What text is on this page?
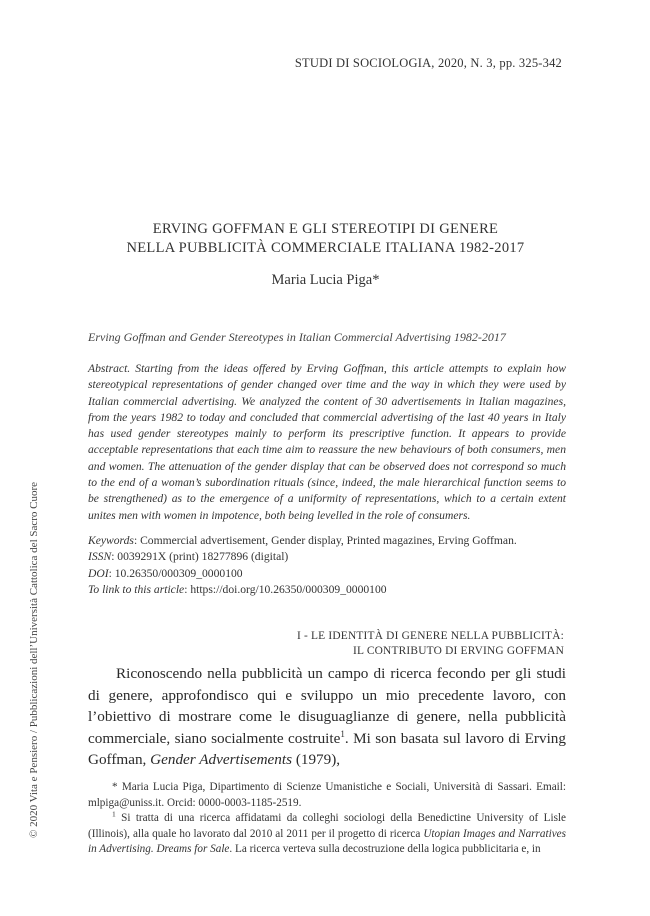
STUDI DI SOCIOLOGIA, 2020, N. 3, pp. 325-342
© 2020 Vita e Pensiero / Pubblicazioni dell’Università Cattolica del Sacro Cuore
ERVING GOFFMAN E GLI STEREOTIPI DI GENERE
NELLA PUBBLICITÀ COMMERCIALE ITALIANA 1982-2017
Maria Lucia Piga*
Erving Goffman and Gender Stereotypes in Italian Commercial Advertising 1982-2017
Abstract. Starting from the ideas offered by Erving Goffman, this article attempts to explain how stereotypical representations of gender changed over time and the way in which they were used by Italian commercial advertising. We analyzed the content of 30 advertisements in Italian magazines, from the years 1982 to today and concluded that commercial advertising of the last 40 years in Italy has used gender stereotypes mainly to perform its prescriptive function. It appears to provide acceptable representations that each time aim to reassure the new behaviours of both consumers, men and women. The attenuation of the gender display that can be observed does not correspond so much to the end of a woman’s subordination rituals (since, indeed, the male hierarchical function seems to be strengthened) as to the emergence of a uniformity of representations, which to a certain extent unites men with women in impotence, both being levelled in the role of consumers.
Keywords: Commercial advertisement, Gender display, Printed magazines, Erving Goffman.
ISSN: 0039291X (print) 18277896 (digital)
DOI: 10.26350/000309_0000100
To link to this article: https://doi.org/10.26350/000309_0000100
I - LE IDENTITÀ DI GENERE NELLA PUBBLICITÀ:
IL CONTRIBUTO DI ERVING GOFFMAN
Riconoscendo nella pubblicità un campo di ricerca fecondo per gli studi di genere, approfondisco qui e sviluppo un mio precedente lavoro, con l’obiettivo di mostrare come le disuguaglianze di genere, nella pubblicità commerciale, siano socialmente costruite$^1$. Mi son basata sul lavoro di Erving Goffman, Gender Advertisements (1979),

* Maria Lucia Piga, Dipartimento di Scienze Umanistiche e Sociali, Università di Sassari. Email: mlpiga@uniss.it. Orcid: 0000-0003-1185-2519.

$^1$ Si tratta di una ricerca affidatami da colleghi sociologi della Benedictine University of Lisle (Illinois), alla quale ho lavorato dal 2010 al 2011 per il progetto di ricerca Utopian Images and Narratives in Advertising. Dreams for Sale. La ricerca verteva sulla decostruzione della logica pubblicitaria e, in
